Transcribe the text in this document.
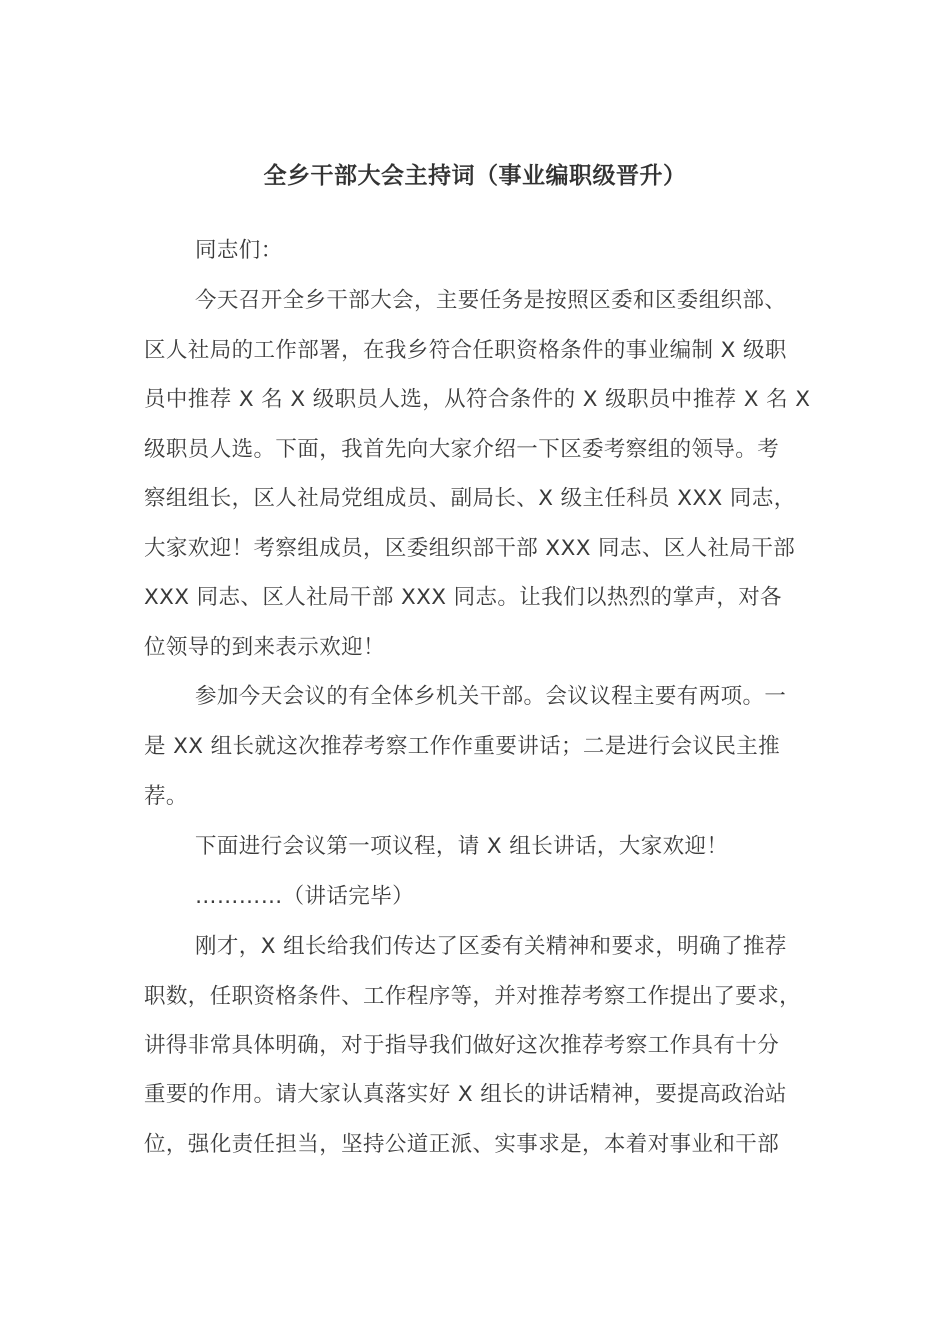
全乡干部大会主持词（事业编职级晋升）
同志们：
今天召开全乡干部大会，主要任务是按照区委和区委组织部、
区人社局的工作部署，在我乡符合任职资格条件的事业编制 X 级职
员中推荐 X 名 X 级职员人选，从符合条件的 X 级职员中推荐 X 名 X
级职员人选。下面，我首先向大家介绍一下区委考察组的领导。考
察组组长，区人社局党组成员、副局长、X 级主任科员 XXX 同志，
大家欢迎！考察组成员，区委组织部干部 XXX 同志、区人社局干部
XXX 同志、区人社局干部 XXX 同志。让我们以热烈的掌声，对各
位领导的到来表示欢迎！
参加今天会议的有全体乡机关干部。会议议程主要有两项。一
是 XX 组长就这次推荐考察工作作重要讲话；二是进行会议民主推
荐。
下面进行会议第一项议程，请 X 组长讲话，大家欢迎！
…………（讲话完毕）
刚才，X 组长给我们传达了区委有关精神和要求，明确了推荐
职数，任职资格条件、工作程序等，并对推荐考察工作提出了要求，
讲得非常具体明确，对于指导我们做好这次推荐考察工作具有十分
重要的作用。请大家认真落实好 X 组长的讲话精神，要提高政治站
位，强化责任担当，坚持公道正派、实事求是，本着对事业和干部
